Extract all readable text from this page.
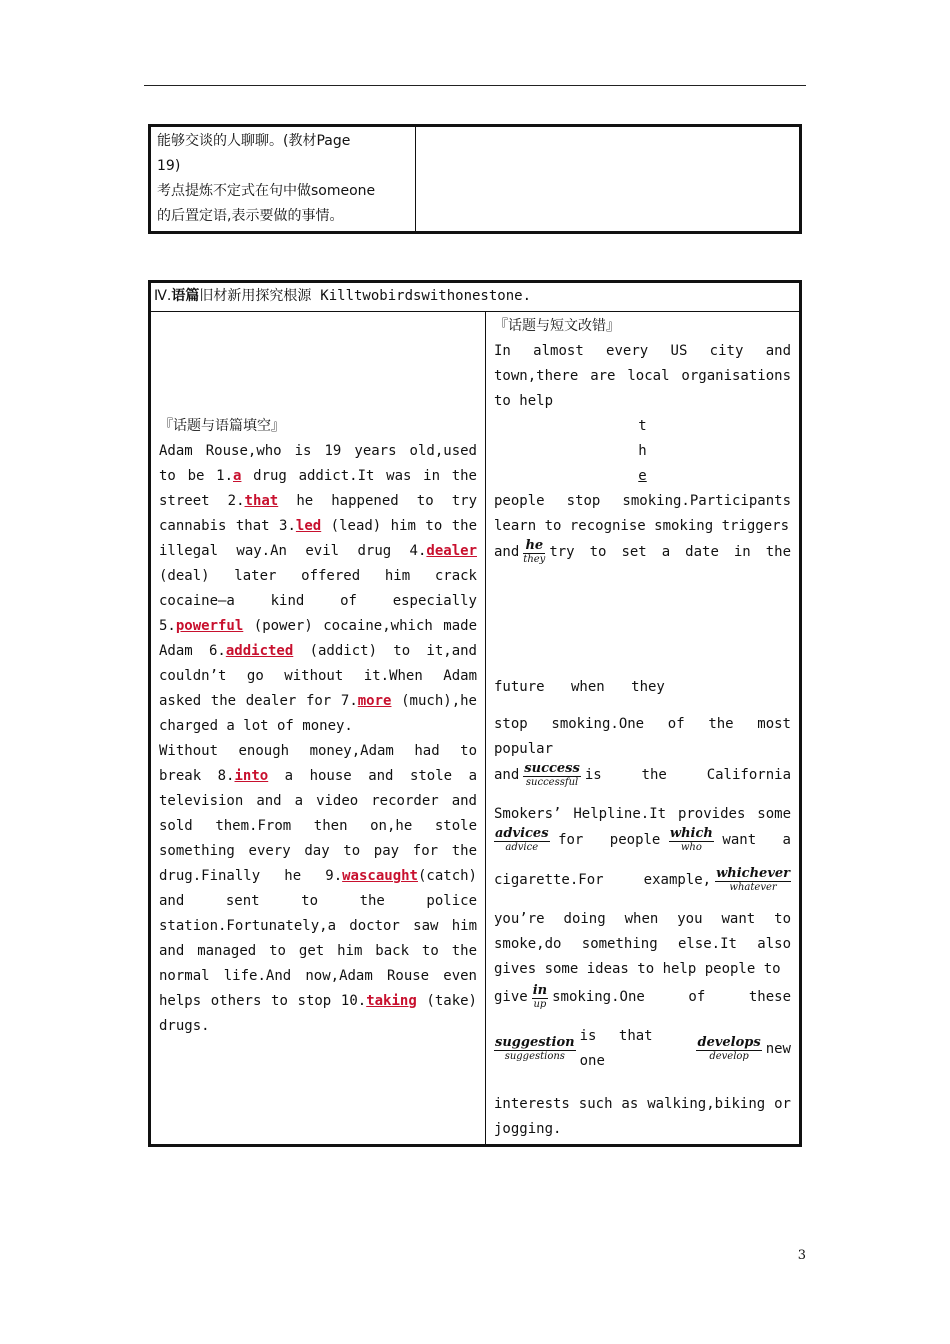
能够交谈的人聊聊。(教材Page
19)
考点提炼不定式在句中做someone
的后置定语,表示要做的事情。

Ⅳ.语篇旧材新用探究根源 Killtwobirdswithonestone.

『话题与语篇填空』

Adam Rouse,who is 19 years old,used to be 1.a drug addict.It was in the street 2.that he happened to try cannabis that 3.led (lead) him to the illegal way.An evil drug 4.dealer (deal) later offered him crack cocaine—a kind of especially 5.powerful (power) cocaine,which made Adam 6.addicted (addict) to it,and couldn’t go without it.When Adam asked the dealer for 7.more (much),he charged a lot of money.

Without enough money,Adam had to break 8.into a house and stole a television and a video recorder and sold them.From then on,he stole something every day to pay for the drug.Finally he 9.wascaught(catch) and sent to the police station.Fortunately,a doctor saw him and managed to get him back to the normal life.And now,Adam Rouse even helps others to stop 10.taking (take) drugs.

『话题与短文改错』

In almost every US city and town,there are local organisations to help

t
h
e

people stop smoking.Participants learn to recognise smoking triggers

and $\frac{he}{\text{they}}$ try to set a date in the
future when they

stop smoking.One of the most popular

and $\frac{\text{success}}{\text{successful}}$ is the California
Smokers’ Helpline.It provides some
$\frac{\text{advices}}{\text{advice}}$ for people $\frac{\text{which}}{\text{who}}$ want a
cigarette.For example, $\frac{\text{whichever}}{\text{whatever}}$

you’re doing when you want to smoke,do something else.It also gives some ideas to help people to

give $\frac{in}{up}$ smoking.One of these
$\frac{\text{suggestion}}{\text{suggestions}}$ is that one	$\frac{\text{develops}}{\text{develop}}$ new

interests such as walking,biking or jogging.

3
